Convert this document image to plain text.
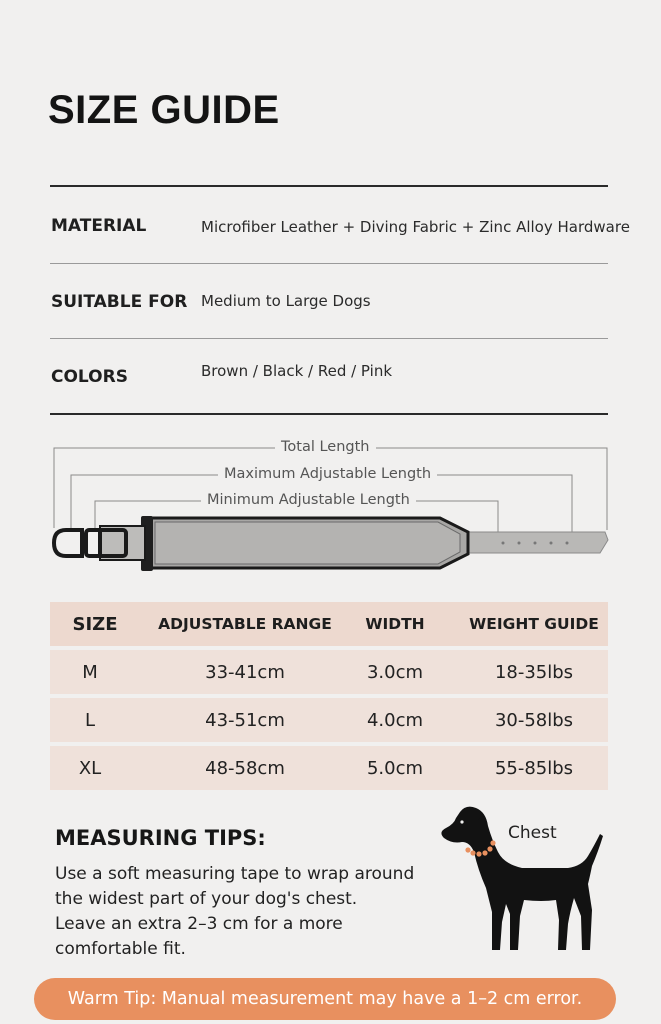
SIZE GUIDE
MATERIAL	Microfiber Leather + Diving Fabric + Zinc Alloy Hardware
SUITABLE FOR Medium to Large Dogs
COLORS	Brown / Black / Red / Pink
Total Length
Maximum Adjustable Length
Minimum Adjustable Length
SIZE	ADJUSTABLE RANGE	WIDTH	WEIGHT GUIDE
M	33-41cm	3.0cm	18-35lbs
L	43-51cm	4.0cm	30-58lbs
XL	48-58cm	5.0cm	55-85lbs
MEASURING TIPS:
Use a soft measuring tape to wrap around
the widest part of your dog's chest.
Leave an extra 2–3 cm for a more
comfortable fit.
Chest
Warm Tip: Manual measurement may have a 1–2 cm error.
